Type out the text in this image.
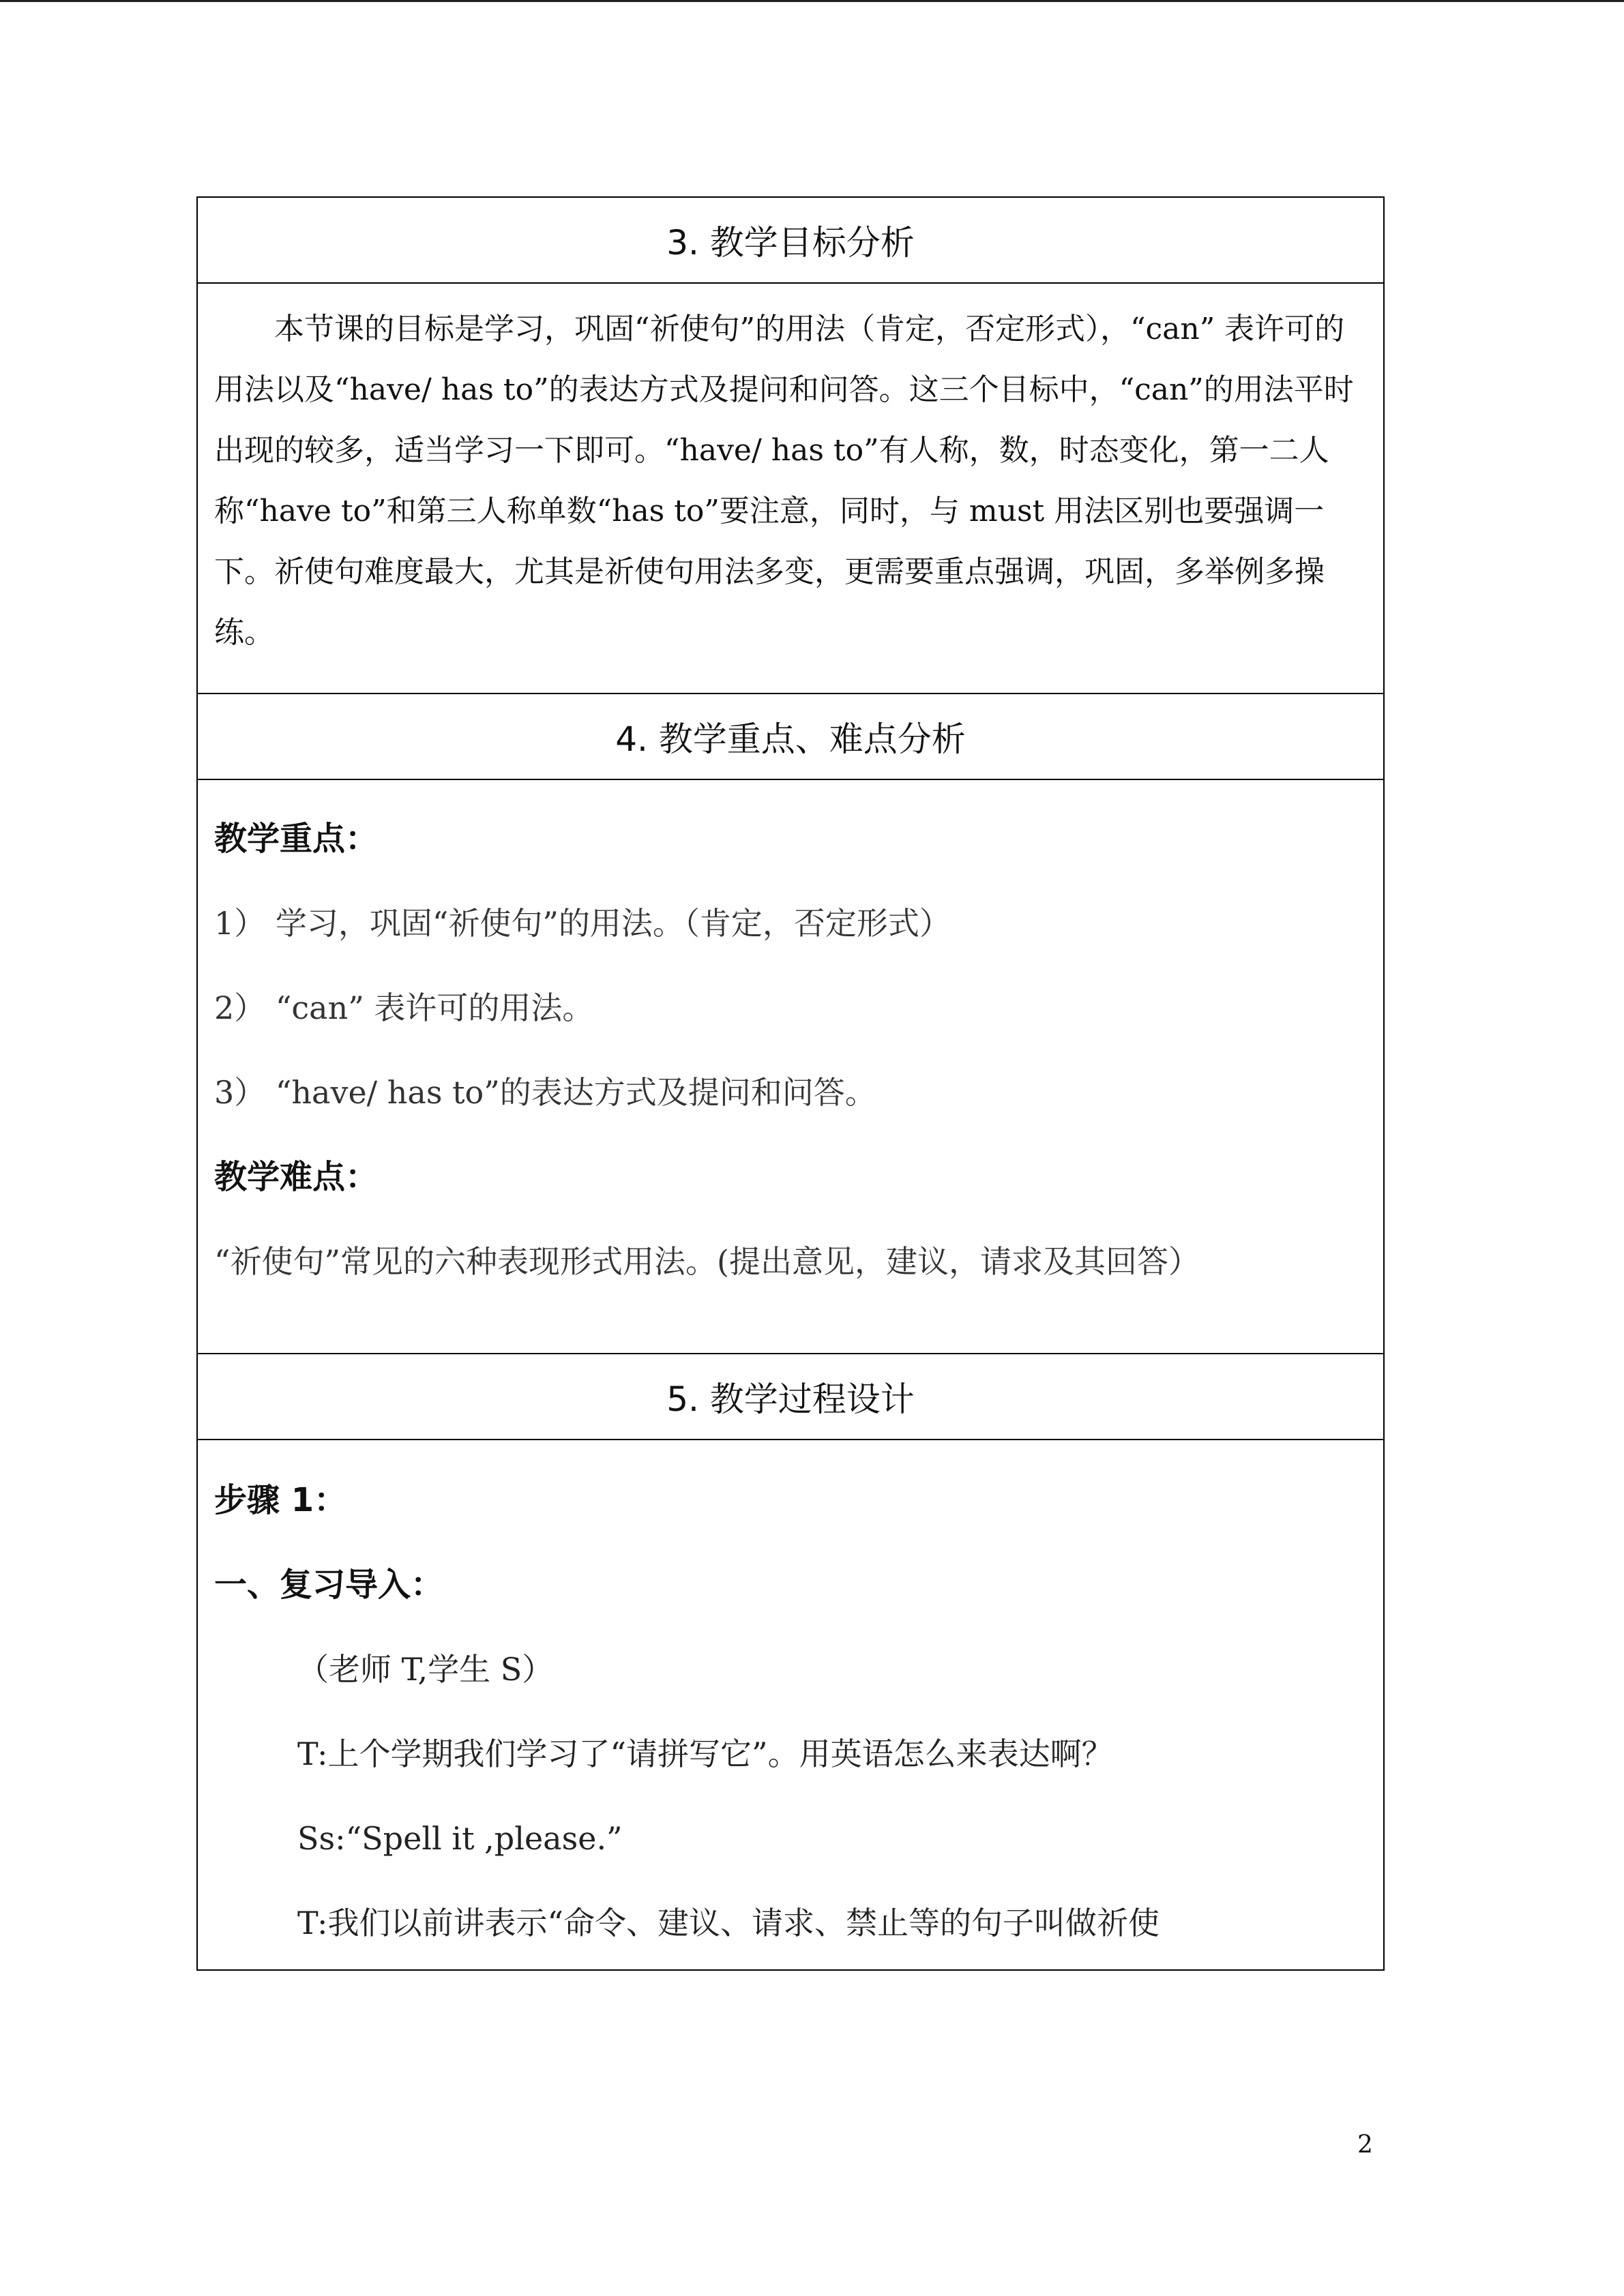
3. 教学目标分析

本节课的目标是学习，巩固“祈使句”的用法（肯定，否定形式），“can” 表许可的用法以及“have/ has to”的表达方式及提问和问答。这三个目标中，“can”的用法平时出现的较多，适当学习一下即可。“have/ has to”有人称，数，时态变化，第一二人称“have to”和第三人称单数“has to”要注意，同时，与 must 用法区别也要强调一下。祈使句难度最大，尤其是祈使句用法多变，更需要重点强调，巩固，多举例多操练。

4. 教学重点、难点分析

教学重点：

1） 学习，巩固“祈使句”的用法。（肯定，否定形式）

2） “can” 表许可的用法。

3） “have/ has to”的表达方式及提问和问答。

教学难点：

“祈使句”常见的六种表现形式用法。(提出意见，建议，请求及其回答）

5. 教学过程设计

步骤 1：

一、复习导入：

（老师 T,学生 S）

T:上个学期我们学习了“请拼写它”。用英语怎么来表达啊？

Ss:“Spell it ,please.”

T:我们以前讲表示“命令、建议、请求、禁止等的句子叫做祈使

2
